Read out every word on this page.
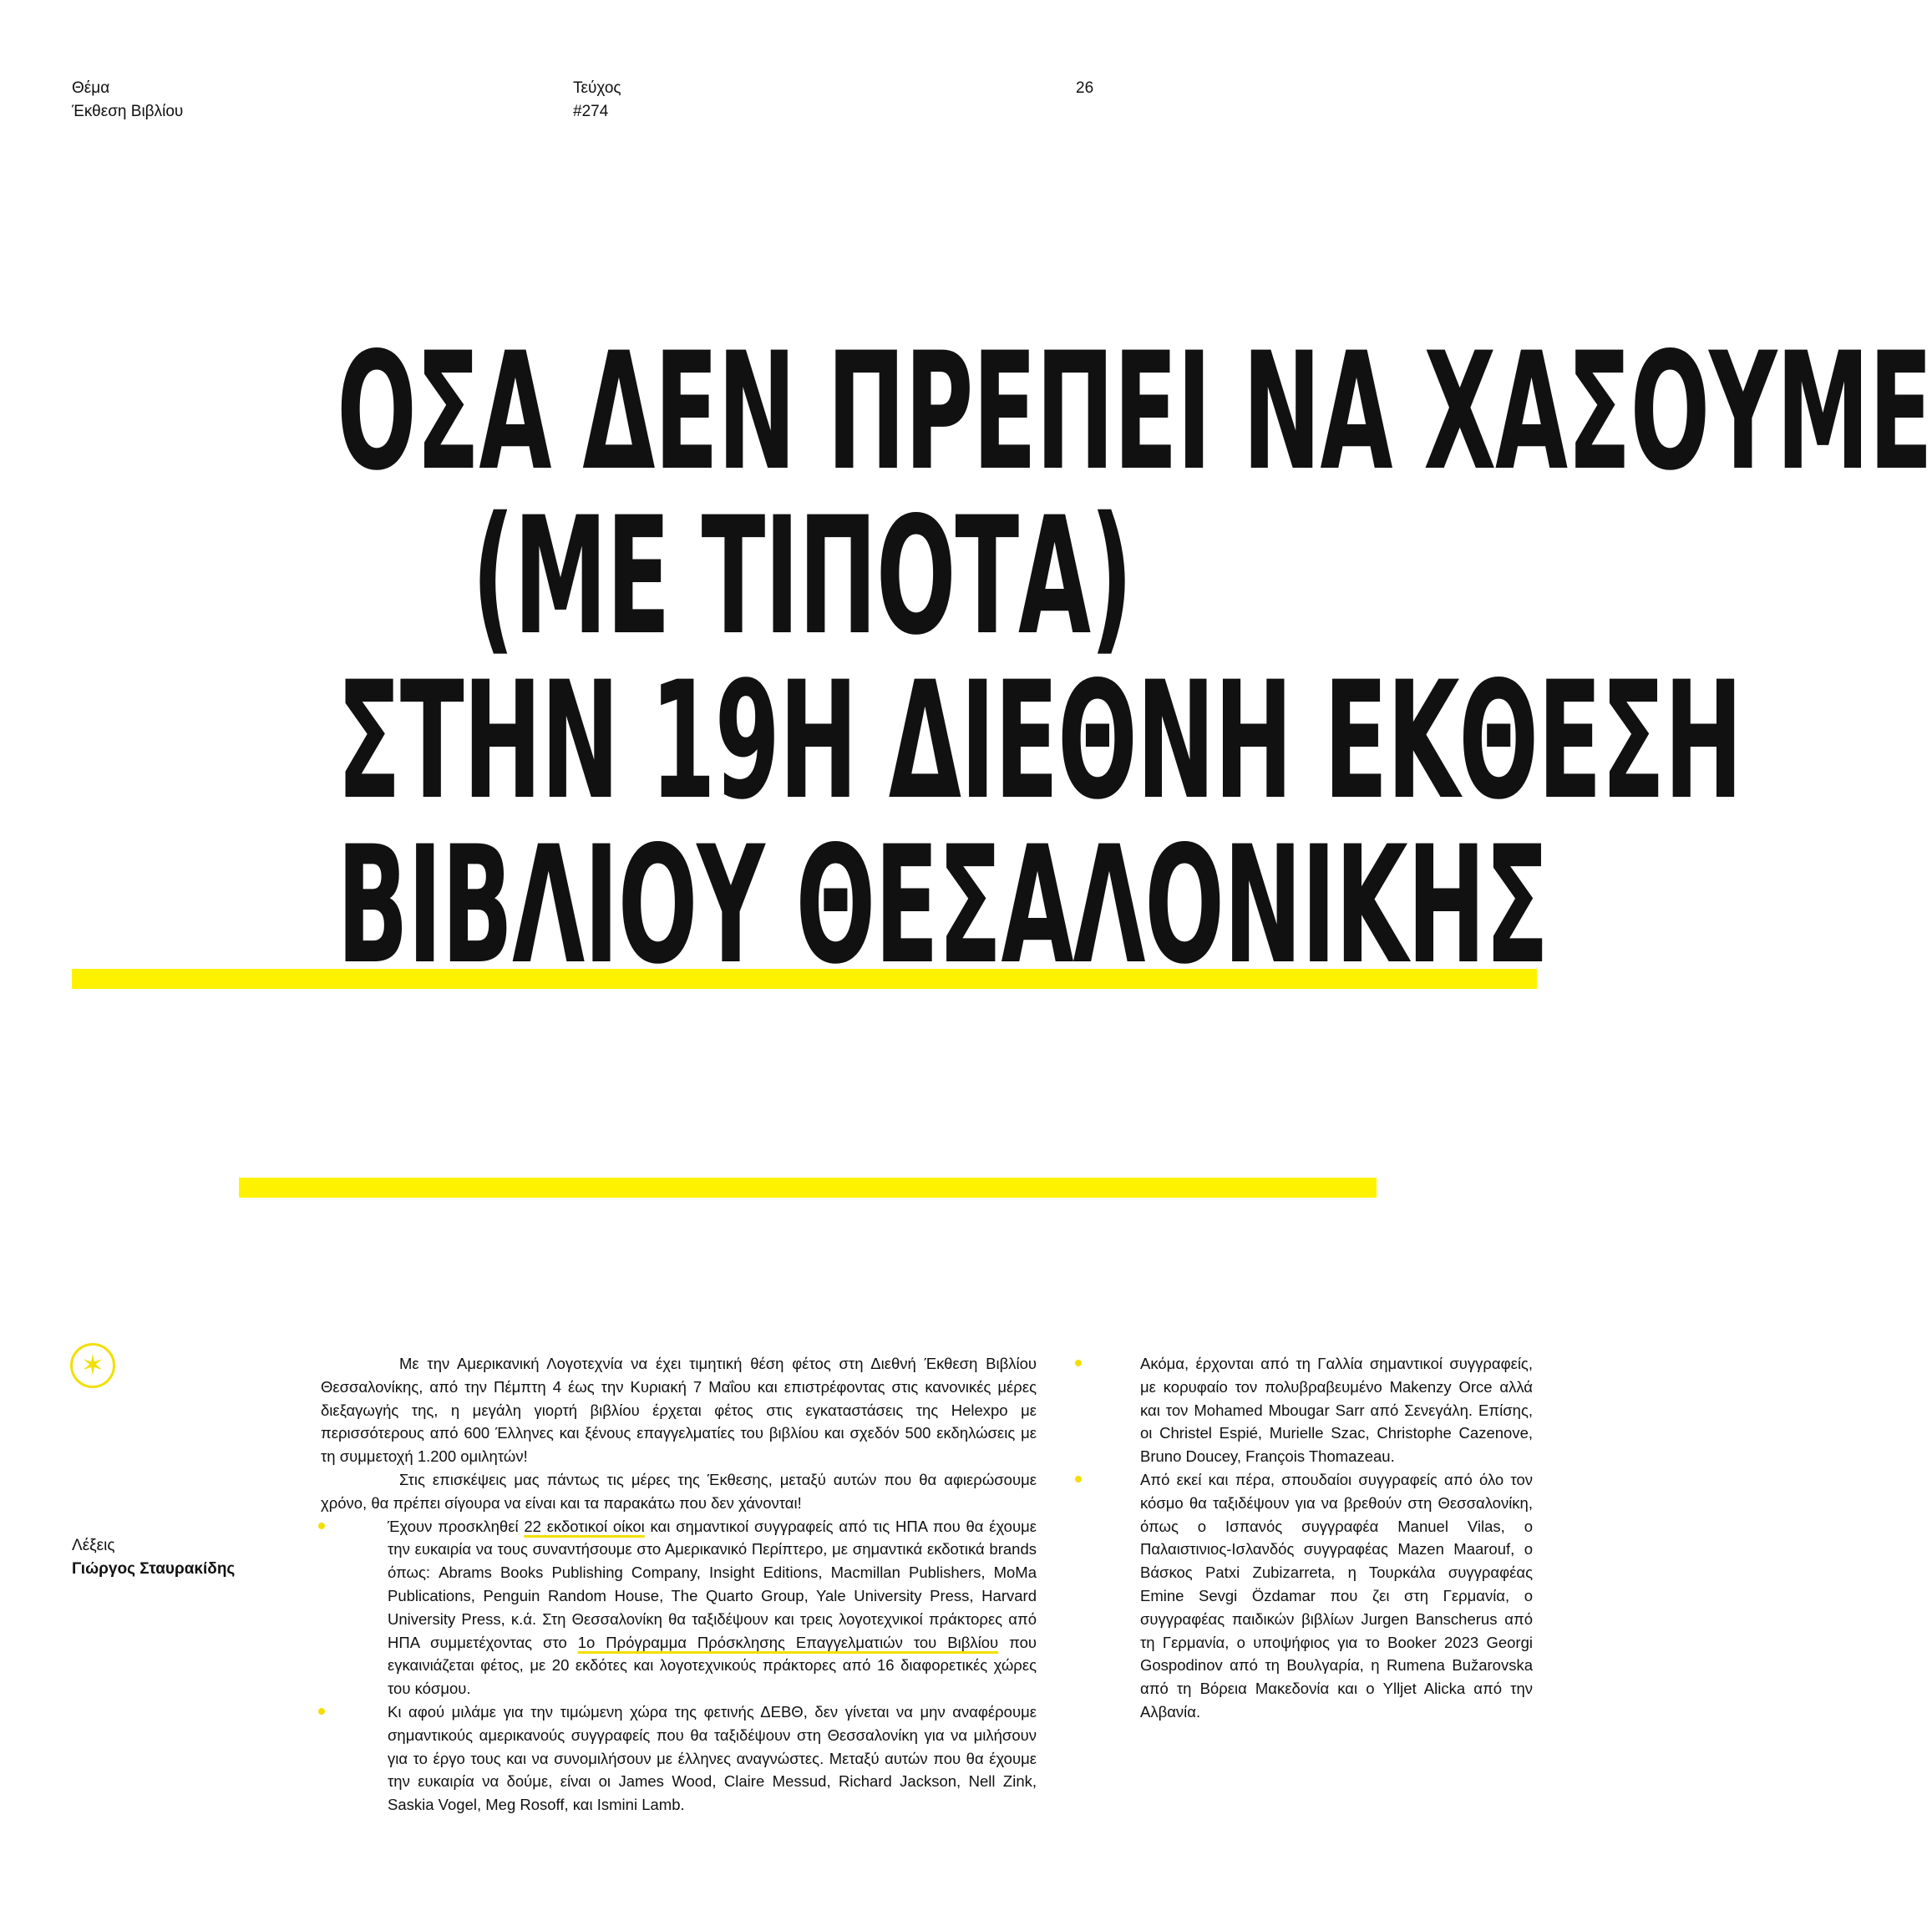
Θέμα
Έκθεση Βιβλίου
Τεύχος
#274
26
ΟΣΑ ΔΕΝ ΠΡΕΠΕΙ ΝΑ ΧΑΣΟΥΜΕ
(ΜΕ ΤΙΠΟΤΑ)
ΣΤΗΝ 19Η ΔΙΕΘΝΗ ΕΚΘΕΣΗ
ΒΙΒΛΙΟΥ ΘΕΣΑΛΟΝΙΚΗΣ
✶
Λέξεις
Γιώργος Σταυρακίδης

Με την Αμερικανική Λογοτεχνία να έχει τιμητική θέση φέτος στη Διεθνή Έκθεση Βιβλίου Θεσσαλονίκης, από την Πέμπτη 4 έως την Κυριακή 7 Μαΐου και επιστρέφοντας στις κανονικές μέρες διεξαγωγής της, η μεγάλη γιορτή βιβλίου έρχεται φέτος στις εγκαταστάσεις της Helexpo με περισσότερους από 600 Έλληνες και ξένους επαγγελματίες του βιβλίου και σχεδόν 500 εκδηλώσεις με τη συμμετοχή 1.200 ομιλητών!

Στις επισκέψεις μας πάντως τις μέρες της Έκθεσης, μεταξύ αυτών που θα αφιερώσουμε χρόνο, θα πρέπει σίγουρα να είναι και τα παρακάτω που δεν χάνονται!

Έχουν προσκληθεί 22 εκδοτικοί οίκοι και σημαντικοί συγγραφείς από τις ΗΠΑ που θα έχουμε την ευκαιρία να τους συναντήσουμε στο Αμερικανικό Περίπτερο, με σημαντικά εκδοτικά brands όπως: Abrams Books Publishing Company, Insight Editions, Macmillan Publishers, MoMa Publications, Penguin Random House, The Quarto Group, Yale University Press, Harvard University Press, κ.ά. Στη Θεσσαλονίκη θα ταξιδέψουν και τρεις λογοτεχνικοί πράκτορες από ΗΠΑ συμμετέχοντας στο 1ο Πρόγραμμα Πρόσκλησης Επαγγελματιών του Βιβλίου που εγκαινιάζεται φέτος, με 20 εκδότες και λογοτεχνικούς πράκτορες από 16 διαφορετικές χώρες του κόσμου.

Κι αφού μιλάμε για την τιμώμενη χώρα της φετινής ΔΕΒΘ, δεν γίνεται να μην αναφέρουμε σημαντικούς αμερικανούς συγγραφείς που θα ταξιδέψουν στη Θεσσαλονίκη για να μιλήσουν για το έργο τους και να συνομιλήσουν με έλληνες αναγνώστες. Μεταξύ αυτών που θα έχουμε την ευκαιρία να δούμε, είναι οι James Wood, Claire Messud, Richard Jackson, Nell Zink, Saskia Vogel, Meg Rosoff, και Ismini Lamb.

Ακόμα, έρχονται από τη Γαλλία σημαντικοί συγγραφείς, με κορυφαίο τον πολυβραβευμένο Makenzy Orce αλλά και τον Mohamed Mbougar Sarr από Σενεγάλη. Επίσης, οι Christel Espié, Murielle Szac, Christophe Cazenove, Bruno Doucey, François Thomazeau.

Από εκεί και πέρα, σπουδαίοι συγγραφείς από όλο τον κόσμο θα ταξιδέψουν για να βρεθούν στη Θεσσαλονίκη, όπως ο Ισπανός συγγραφέα Manuel Vilas, ο Παλαιστινιος-Ισλανδός συγγραφέας Mazen Maarouf, ο Βάσκος Patxi Zubizarreta, η Τουρκάλα συγγραφέας Emine Sevgi Özdamar που ζει στη Γερμανία, ο συγγραφέας παιδικών βιβλίων Jurgen Banscherus από τη Γερμανία, ο υποψήφιος για το Booker 2023 Georgi Gospodinov από τη Βουλγαρία, η Rumena Bužarovska από τη Βόρεια Μακεδονία και ο Ylljet Alicka από την Αλβανία.
